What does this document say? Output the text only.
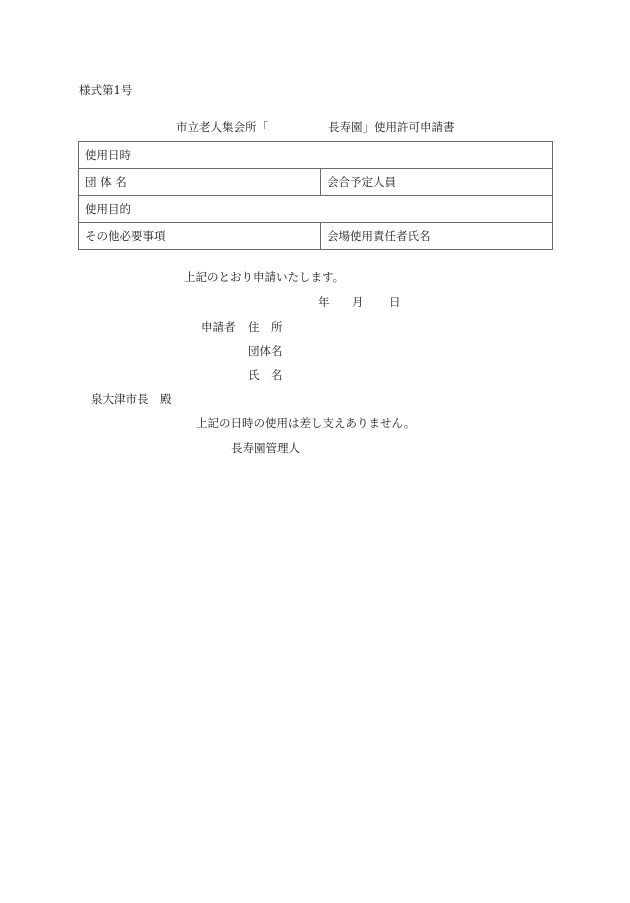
様式第1号
市立老人集会所「	長寿園」使用許可申請書
使用日時	
団 体 名	会合予定人員
使用目的	
その他必要事項	会場使用責任者氏名
上記のとおり申請いたします。
年 月 日
申請者 住　所
団体名
氏　名
泉大津市長　殿
上記の日時の使用は差し支えありません。
長寿園管理人
